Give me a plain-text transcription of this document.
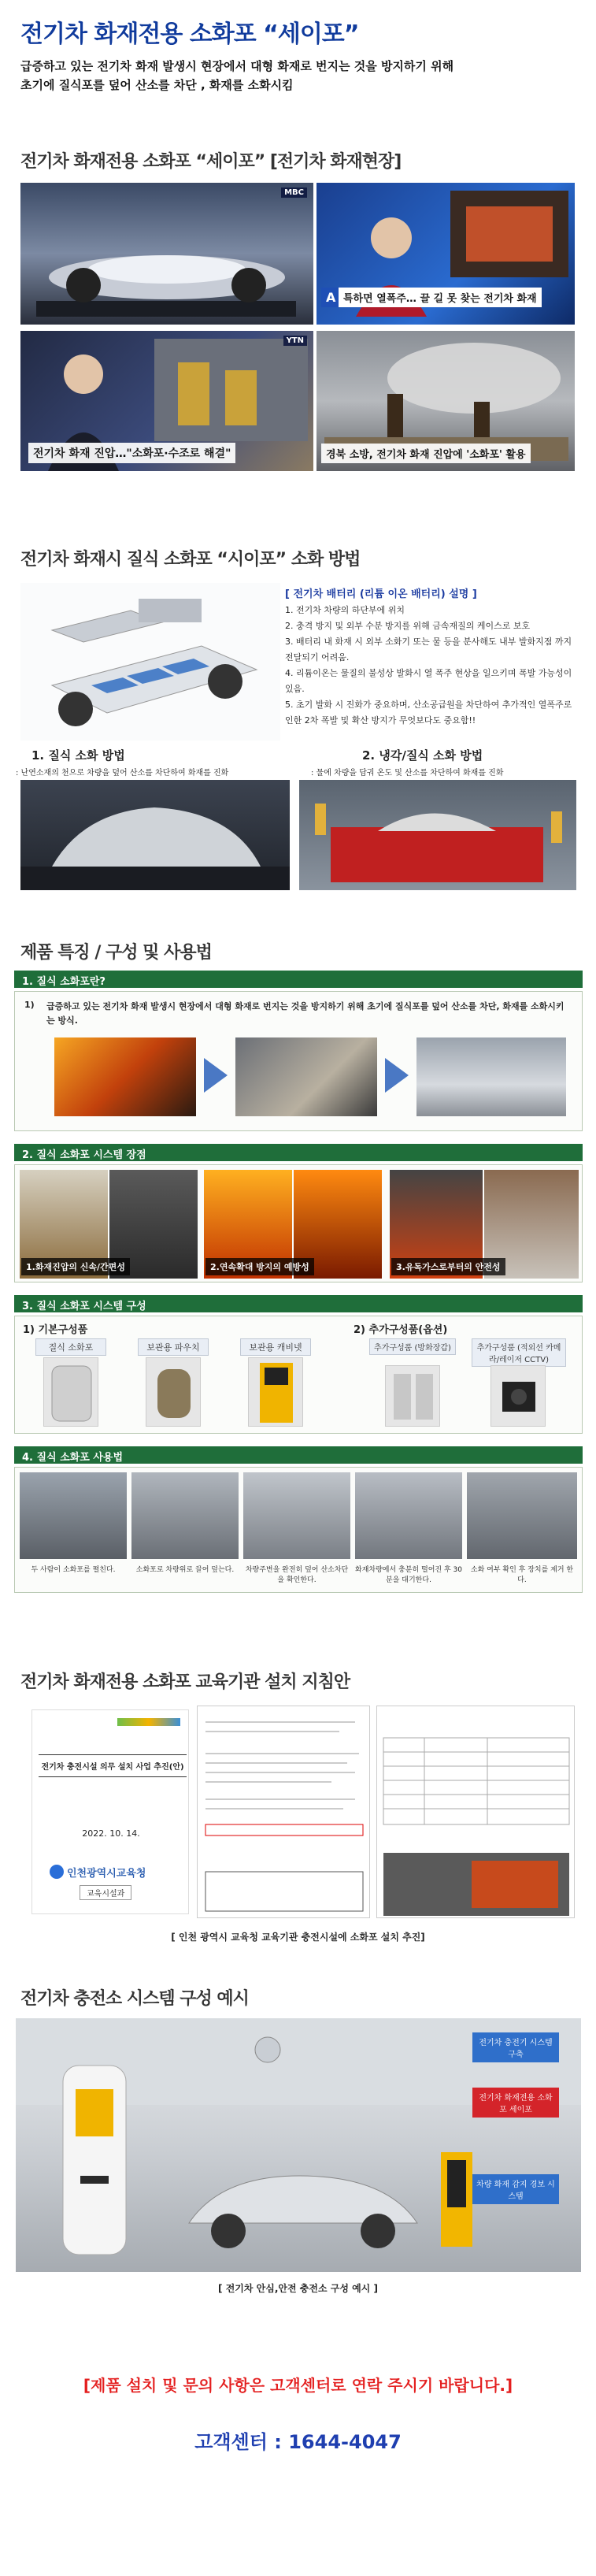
전기차 화재전용 소화포 “세이포”

급증하고 있는 전기차 화재 발생시 현장에서 대형 화재로 번지는 것을 방지하기 위해

초기에 질식포를 덮어 산소를 차단 , 화재를 소화시킴

전기차 화재전용 소화포 “세이포” [전기차 화재현장]
MBC
A 특하면 열폭주… 끌 길 못 찾는 전기차 화재
YTN
전기차 화재 진압…"소화포·수조로 해결"	경북 소방, 전기차 화재 진압에 '소화포' 활용
전기차 화재시 질식 소화포 “시이포” 소화 방법
[ 전기차 배터리 (리튬 이온 배터리) 설명 ]
1. 전기차 차량의 하단부에 위치
2. 충격 방지 및 외부 수분 방지를 위해 금속재질의 케이스로 보호
3. 배터리 내 화재 시 외부 소화기 또는 물 등을 분사해도 내부 발화지점 까지 전달되기 어려움.
4. 리튬이온는 물질의 불성상 발화시 열 폭주 현상을 일으키며 폭발 가능성이 있음.
5. 초기 발화 시 진화가 중요하며, 산소공급원을 차단하여 추가적인 열폭주로 인한 2차 폭발 및 확산 방지가 무엇보다도 중요함!!
1. 질식 소화 방법
: 난연소재의 천으로 차량을 덮어 산소를 차단하여 화재를 진화
2. 냉각/질식 소화 방법
: 물에 차량을 담궈 온도 및 산소를 차단하여 화재를 진화
제품 특징 / 구성 및 사용법
1. 질식 소화포란?
1) 급증하고 있는 전기차 화재 발생시 현장에서 대형 화재로 번지는 것을 방지하기 위해 초기에 질식포를 덮어 산소를 차단, 화재를 소화시키는 방식.
2. 질식 소화포 시스템 장점
1.화재진압의 신속/간편성	2.연속확대 방지의 예방성	3.유독가스로부터의 안전성
3. 질식 소화포 시스템 구성
1) 기본구성품
질식 소화포	보관용 파우치	보관용 캐비넷
2) 추가구성품(옵션)
추가구성품 (방화장갑)	추가구성품 (적외선 카메라/레이저 CCTV)
4. 질식 소화포 사용법
두 사람이 소화포를 펼친다.	소화포로 차량위로 끌어 덮는다.	차량주변을 완전히 덮어 산소차단을 확인한다.
화재차량에서 충분히 떨어진 후 30분을 대기한다.
소화 여부 확인 후 장치를 제거 한다.
전기차 화재전용 소화포 교육기관 설치 지침안
전기차 충전시설 의무 설치 사업 추진(안)
2022. 10. 14.
인천광역시교육청
교육시설과
[ 인천 광역시 교육청 교육기관 충전시설에 소화포 설치 추진]
전기차 충전소 시스템 구성 예시
전기차 충전기 시스템 구축
전기차 화재전용 소화포 세이포
차량 화재 감지 경보 시스템
[ 전기차 안심,안전 충전소 구성 예시 ]
[제품 설치 및 문의 사항은 고객센터로 연락 주시기 바랍니다.]
고객센터 : 1644-4047
